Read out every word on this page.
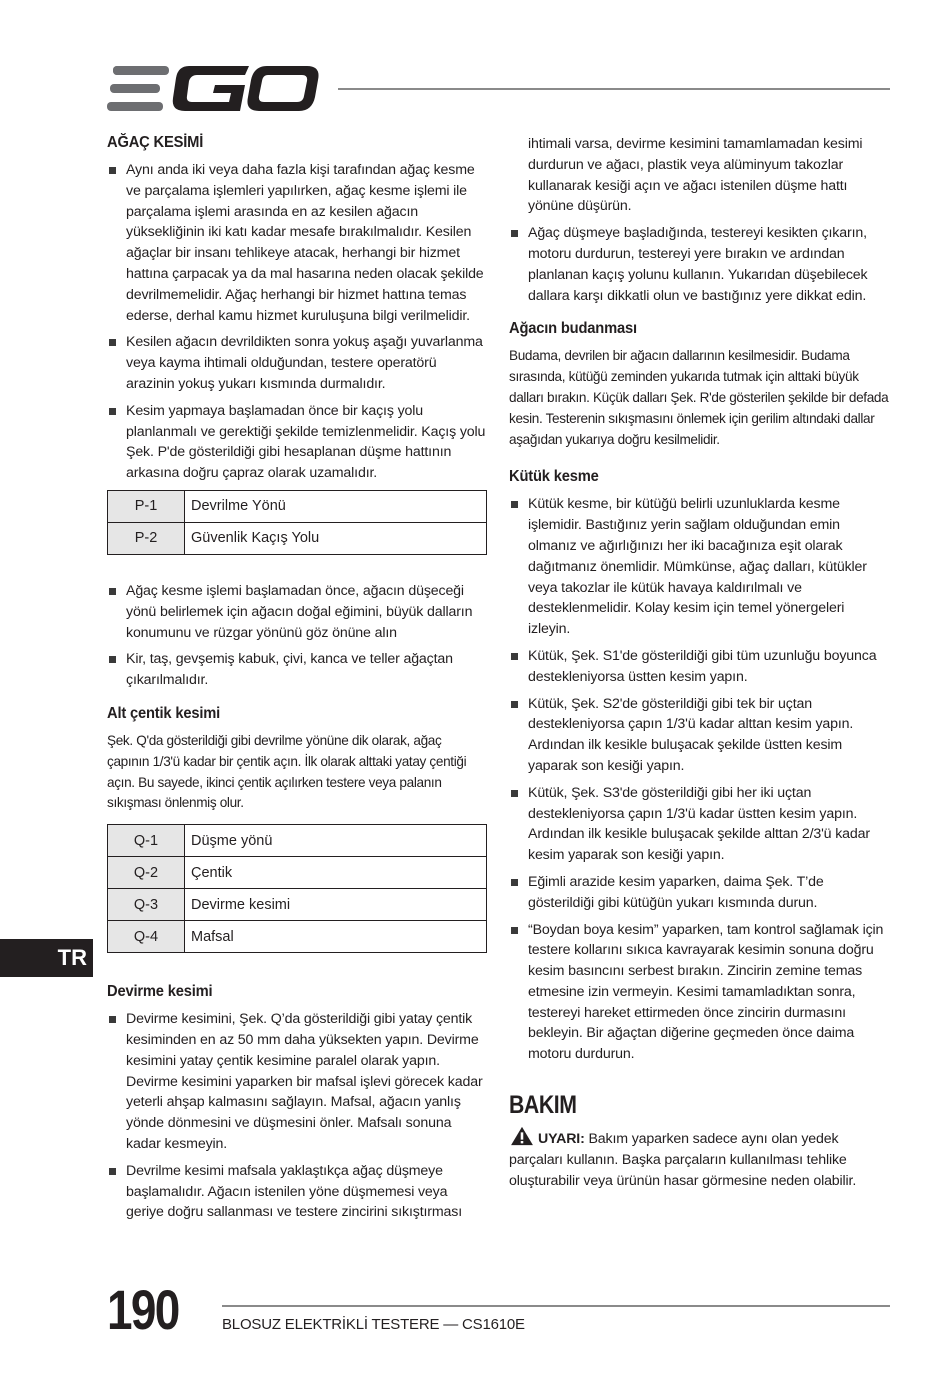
AĞAÇ KESİMİ
Aynı anda iki veya daha fazla kişi tarafından ağaç kesme ve parçalama işlemleri yapılırken, ağaç kesme işlemi ile parçalama işlemi arasında en az kesilen ağacın yüksekliğinin iki katı kadar mesafe bırakılmalıdır. Kesilen ağaçlar bir insanı tehlikeye atacak, herhangi bir hizmet hattına çarpacak ya da mal hasarına neden olacak şekilde devrilmemelidir. Ağaç herhangi bir hizmet hattına temas ederse, derhal kamu hizmet kuruluşuna bilgi verilmelidir.
Kesilen ağacın devrildikten sonra yokuş aşağı yuvarlanma veya kayma ihtimali olduğundan, testere operatörü arazinin yokuş yukarı kısmında durmalıdır.
Kesim yapmaya başlamadan önce bir kaçış yolu planlanmalı ve gerektiği şekilde temizlenmelidir. Kaçış yolu Şek. P'de gösterildiği gibi hesaplanan düşme hattının arkasına doğru çapraz olarak uzamalıdır.
P-1	Devrilme Yönü
P-2	Güvenlik Kaçış Yolu
Ağaç kesme işlemi başlamadan önce, ağacın düşeceği yönü belirlemek için ağacın doğal eğimini, büyük dalların konumunu ve rüzgar yönünü göz önüne alın
Kir, taş, gevşemiş kabuk, çivi, kanca ve teller ağaçtan çıkarılmalıdır.
Alt çentik kesimi

Şek. Q'da gösterildiği gibi devrilme yönüne dik olarak, ağaç çapının 1/3'ü kadar bir çentik açın. İlk olarak alttaki yatay çentiği açın. Bu sayede, ikinci çentik açılırken testere veya palanın sıkışması önlenmiş olur.

Q-1	Düşme yönü
Q-2	Çentik
Q-3	Devirme kesimi
Q-4	Mafsal
Devirme kesimi
Devirme kesimini, Şek. Q’da gösterildiği gibi yatay çentik kesiminden en az 50 mm daha yüksekten yapın. Devirme kesimini yatay çentik kesimine paralel olarak yapın. Devirme kesimini yaparken bir mafsal işlevi görecek kadar yeterli ahşap kalmasını sağlayın. Mafsal, ağacın yanlış yönde dönmesini ve düşmesini önler. Mafsalı sonuna kadar kesmeyin.
Devrilme kesimi mafsala yaklaştıkça ağaç düşmeye başlamalıdır. Ağacın istenilen yöne düşmemesi veya geriye doğru sallanması ve testere zincirini sıkıştırması
ihtimali varsa, devirme kesimini tamamlamadan kesimi durdurun ve ağacı, plastik veya alüminyum takozlar kullanarak kesiği açın ve ağacı istenilen düşme hattı yönüne düşürün.
Ağaç düşmeye başladığında, testereyi kesikten çıkarın, motoru durdurun, testereyi yere bırakın ve ardından planlanan kaçış yolunu kullanın. Yukarıdan düşebilecek dallara karşı dikkatli olun ve bastığınız yere dikkat edin.
Ağacın budanması

Budama, devrilen bir ağacın dallarının kesilmesidir. Budama sırasında, kütüğü zeminden yukarıda tutmak için alttaki büyük dalları bırakın. Küçük dalları Şek. R'de gösterilen şekilde bir defada kesin. Testerenin sıkışmasını önlemek için gerilim altındaki dallar aşağıdan yukarıya doğru kesilmelidir.

Kütük kesme
Kütük kesme, bir kütüğü belirli uzunluklarda kesme işlemidir. Bastığınız yerin sağlam olduğundan emin olmanız ve ağırlığınızı her iki bacağınıza eşit olarak dağıtmanız önemlidir. Mümkünse, ağaç dalları, kütükler veya takozlar ile kütük havaya kaldırılmalı ve desteklenmelidir. Kolay kesim için temel yönergeleri izleyin.
Kütük, Şek. S1'de gösterildiği gibi tüm uzunluğu boyunca destekleniyorsa üstten kesim yapın.
Kütük, Şek. S2'de gösterildiği gibi tek bir uçtan destekleniyorsa çapın 1/3'ü kadar alttan kesim yapın. Ardından ilk kesikle buluşacak şekilde üstten kesim yaparak son kesiği yapın.
Kütük, Şek. S3'de gösterildiği gibi her iki uçtan destekleniyorsa çapın 1/3'ü kadar üstten kesim yapın. Ardından ilk kesikle buluşacak şekilde alttan 2/3'ü kadar kesim yaparak son kesiği yapın.
Eğimli arazide kesim yaparken, daima Şek. T’de gösterildiği gibi kütüğün yukarı kısmında durun.
“Boydan boya kesim” yaparken, tam kontrol sağlamak için testere kollarını sıkıca kavrayarak kesimin sonuna doğru kesim basıncını serbest bırakın. Zincirin zemine temas etmesine izin vermeyin. Kesimi tamamladıktan sonra, testereyi hareket ettirmeden önce zincirin durmasını bekleyin. Bir ağaçtan diğerine geçmeden önce daima motoru durdurun.
BAKIM
UYARI: Bakım yaparken sadece aynı olan yedek parçaları kullanın. Başka parçaların kullanılması tehlike oluşturabilir veya ürünün hasar görmesine neden olabilir.
TR
190	BLOSUZ ELEKTRİKLİ TESTERE — CS1610E
